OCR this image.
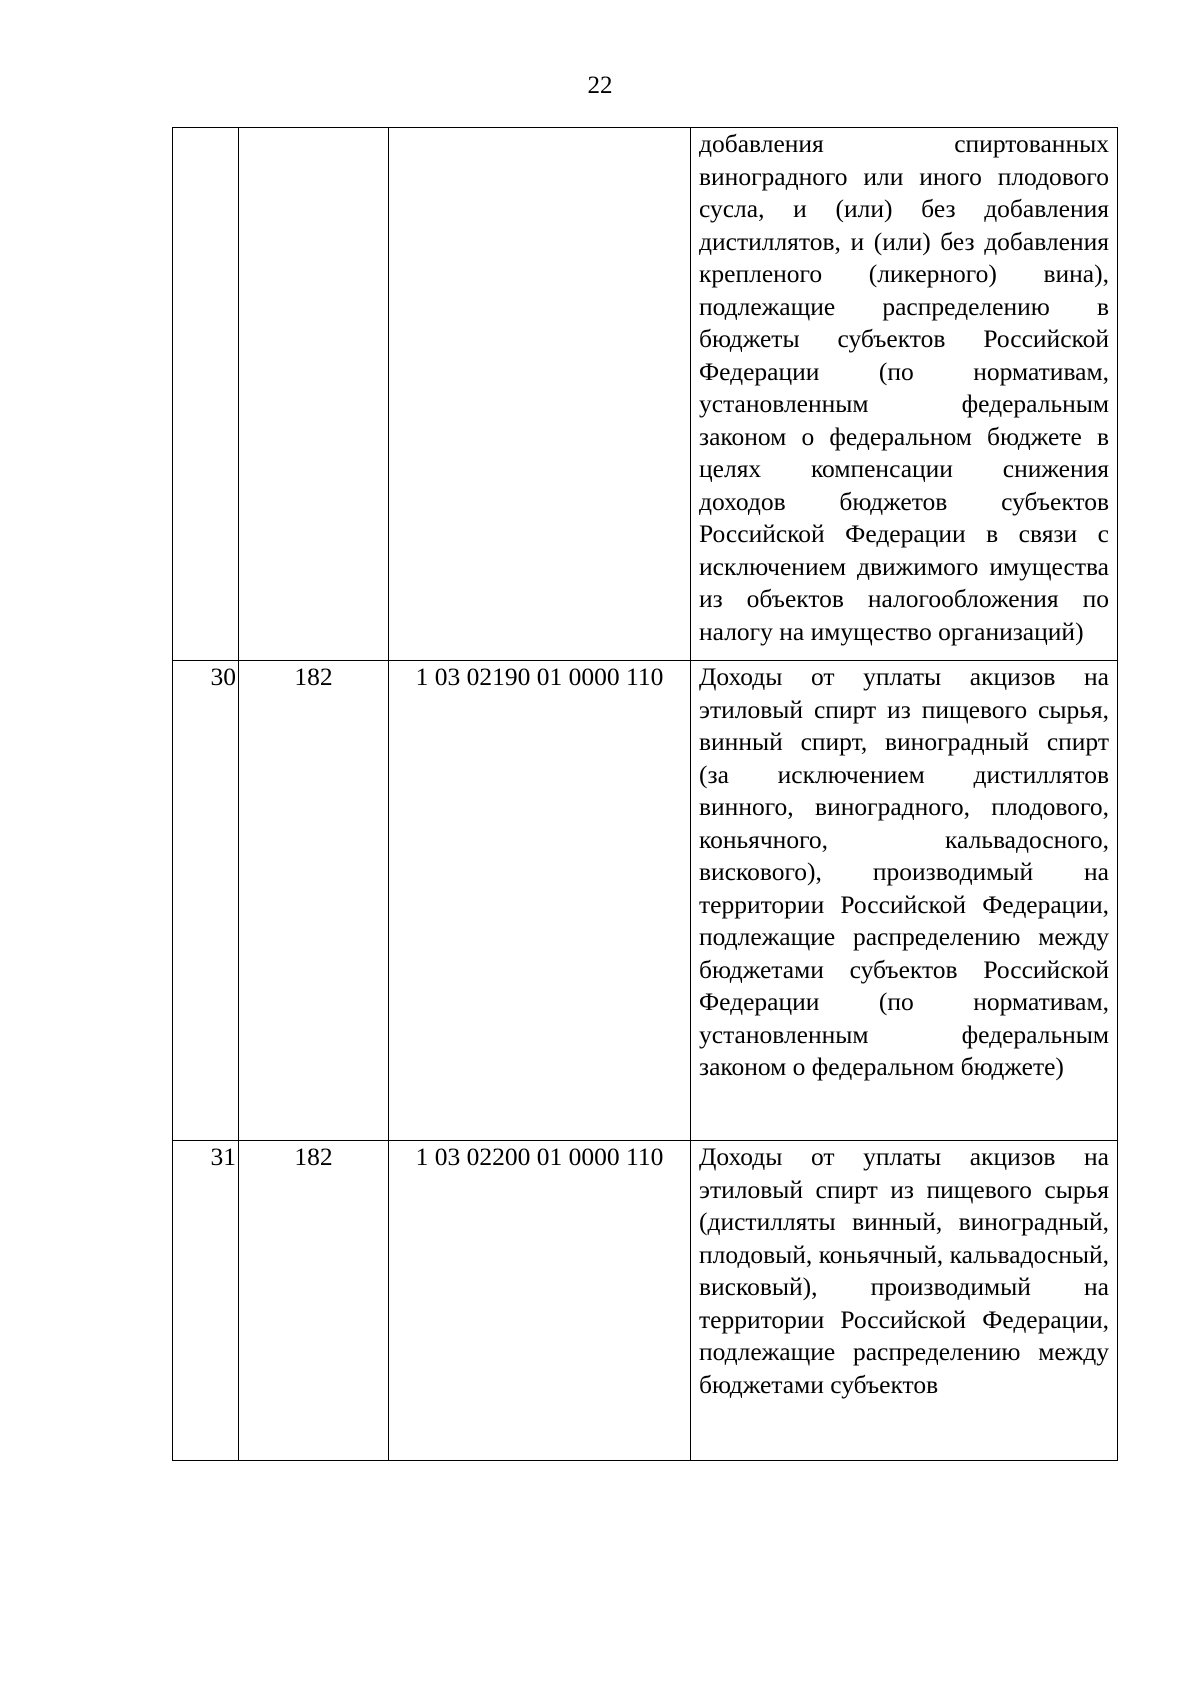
22
			добавления спиртованных виноградного или иного плодового сусла, и (или) без добавления дистиллятов, и (или) без добавления крепленого (ликерного) вина), подлежащие распределению в бюджеты субъектов Российской Федерации (по нормативам, установленным федеральным законом о федеральном бюджете в целях компенсации снижения доходов бюджетов субъектов Российской Федерации в связи с исключением движимого имущества из объектов налогообложения по налогу на имущество организаций)
30	182	1 03 02190 01 0000 110	Доходы от уплаты акцизов на этиловый спирт из пищевого сырья, винный спирт, виноградный спирт (за исключением дистиллятов винного, виноградного, плодового, коньячного, кальвадосного, вискового), производимый на территории Российской Федерации, подлежащие распределению между бюджетами субъектов Российской Федерации (по нормативам, установленным федеральным законом о федеральном бюджете)
31	182	1 03 02200 01 0000 110	Доходы от уплаты акцизов на этиловый спирт из пищевого сырья (дистилляты винный, виноградный, плодовый, коньячный, кальвадосный, висковый), производимый на территории Российской Федерации, подлежащие распределению между бюджетами субъектов
